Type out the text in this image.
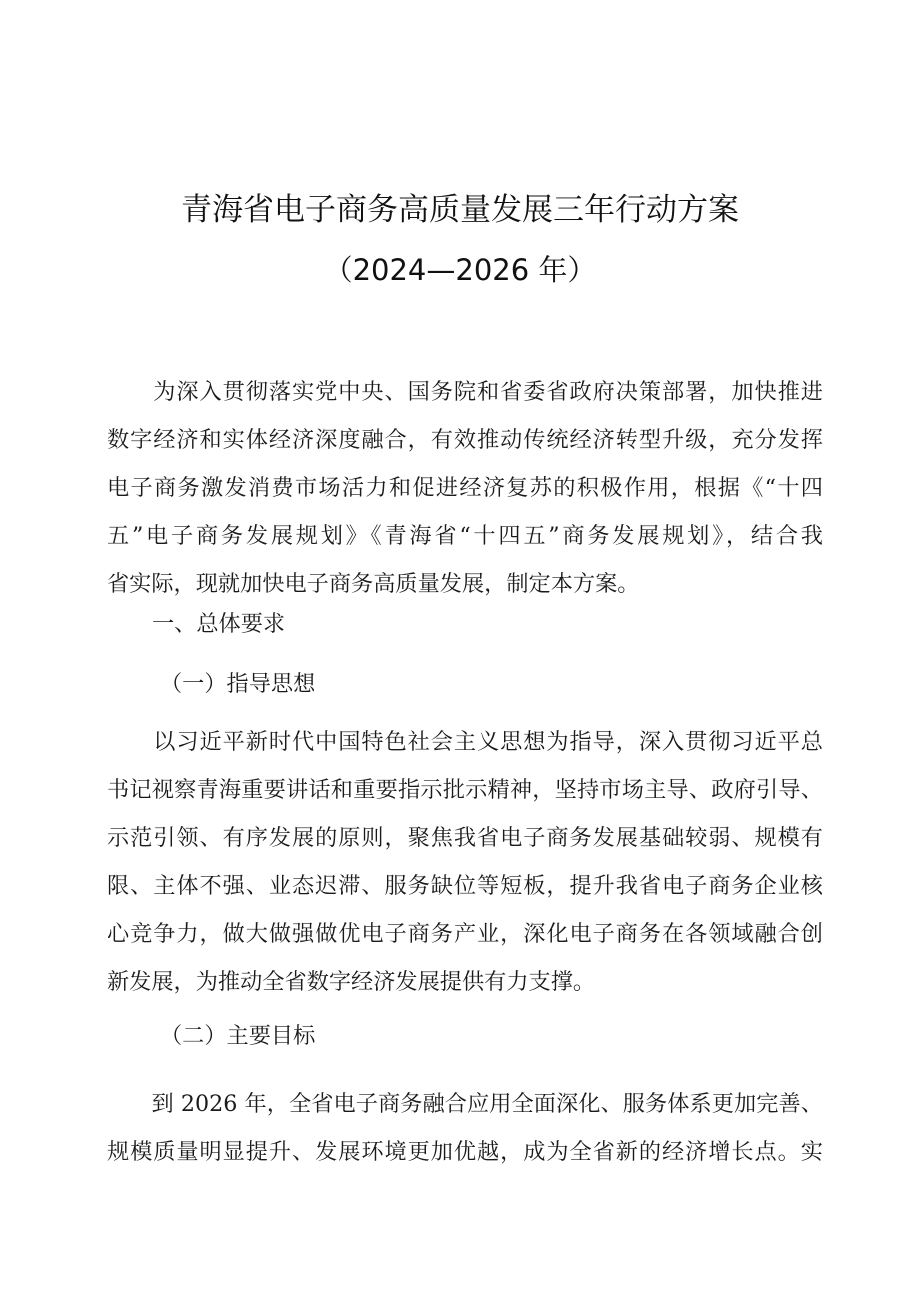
青海省电子商务高质量发展三年行动方案
（2024—2026 年）
　　为深入贯彻落实党中央、国务院和省委省政府决策部署，加快推进
数字经济和实体经济深度融合，有效推动传统经济转型升级，充分发挥
电子商务激发消费市场活力和促进经济复苏的积极作用，根据《“十四
五”电子商务发展规划》《青海省“十四五”商务发展规划》，结合我
省实际，现就加快电子商务高质量发展，制定本方案。
一、总体要求
（一）指导思想
　　以习近平新时代中国特色社会主义思想为指导，深入贯彻习近平总
书记视察青海重要讲话和重要指示批示精神，坚持市场主导、政府引导、
示范引领、有序发展的原则，聚焦我省电子商务发展基础较弱、规模有
限、主体不强、业态迟滞、服务缺位等短板，提升我省电子商务企业核
心竞争力，做大做强做优电子商务产业，深化电子商务在各领域融合创
新发展，为推动全省数字经济发展提供有力支撑。
（二）主要目标
　　到 2026 年，全省电子商务融合应用全面深化、服务体系更加完善、
规模质量明显提升、发展环境更加优越，成为全省新的经济增长点。实
